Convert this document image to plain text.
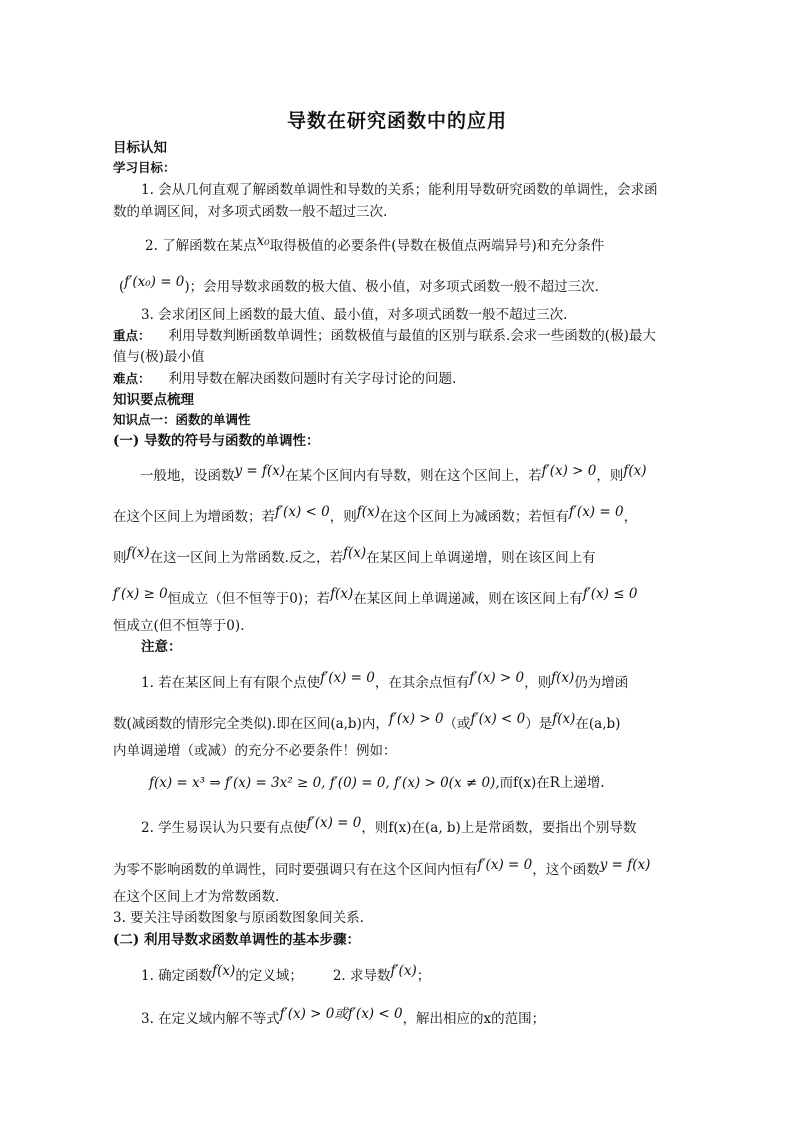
导数在研究函数中的应用
目标认知
学习目标：
1. 会从几何直观了解函数单调性和导数的关系；能利用导数研究函数的单调性，会求函
数的单调区间，对多项式函数一般不超过三次.
2. 了解函数在某点x₀取得极值的必要条件(导数在极值点两端异号)和充分条件
(f′(x₀) = 0)；会用导数求函数的极大值、极小值，对多项式函数一般不超过三次.
3. 会求闭区间上函数的最大值、最小值，对多项式函数一般不超过三次.
重点： 利用导数判断函数单调性；函数极值与最值的区别与联系.会求一些函数的(极)最大
值与(极)最小值
难点： 利用导数在解决函数问题时有关字母讨论的问题.
知识要点梳理
知识点一：函数的单调性
(一) 导数的符号与函数的单调性：
一般地，设函数y = f(x)在某个区间内有导数，则在这个区间上，若f′(x) > 0，则f(x)
在这个区间上为增函数；若f′(x) < 0，则f(x)在这个区间上为减函数；若恒有f′(x) = 0，
则f(x)在这一区间上为常函数.反之，若f(x)在某区间上单调递增，则在该区间上有
f′(x) ≥ 0恒成立（但不恒等于0)；若f(x)在某区间上单调递减，则在该区间上有f′(x) ≤ 0
恒成立(但不恒等于0).
注意：
1. 若在某区间上有有限个点使f′(x) = 0，在其余点恒有f′(x) > 0，则f(x)仍为增函
数(减函数的情形完全类似).即在区间(a,b)内，f′(x) > 0（或f′(x) < 0）是f(x)在(a,b)
内单调递增（或减）的充分不必要条件！例如：
f(x) = x³ ⇒ f′(x) = 3x² ≥ 0, f′(0) = 0, f′(x) > 0(x ≠ 0),而f(x)在R上递增.
2. 学生易误认为只要有点使f′(x) = 0，则f(x)在(a, b)上是常函数，要指出个别导数
为零不影响函数的单调性，同时要强调只有在这个区间内恒有f′(x) = 0，这个函数y = f(x)
在这个区间上才为常数函数.
3. 要关注导函数图象与原函数图象间关系.
(二) 利用导数求函数单调性的基本步骤：
1. 确定函数f(x)的定义域； 2. 求导数f′(x)；
3. 在定义域内解不等式f′(x) > 0或f′(x) < 0，解出相应的x的范围；
